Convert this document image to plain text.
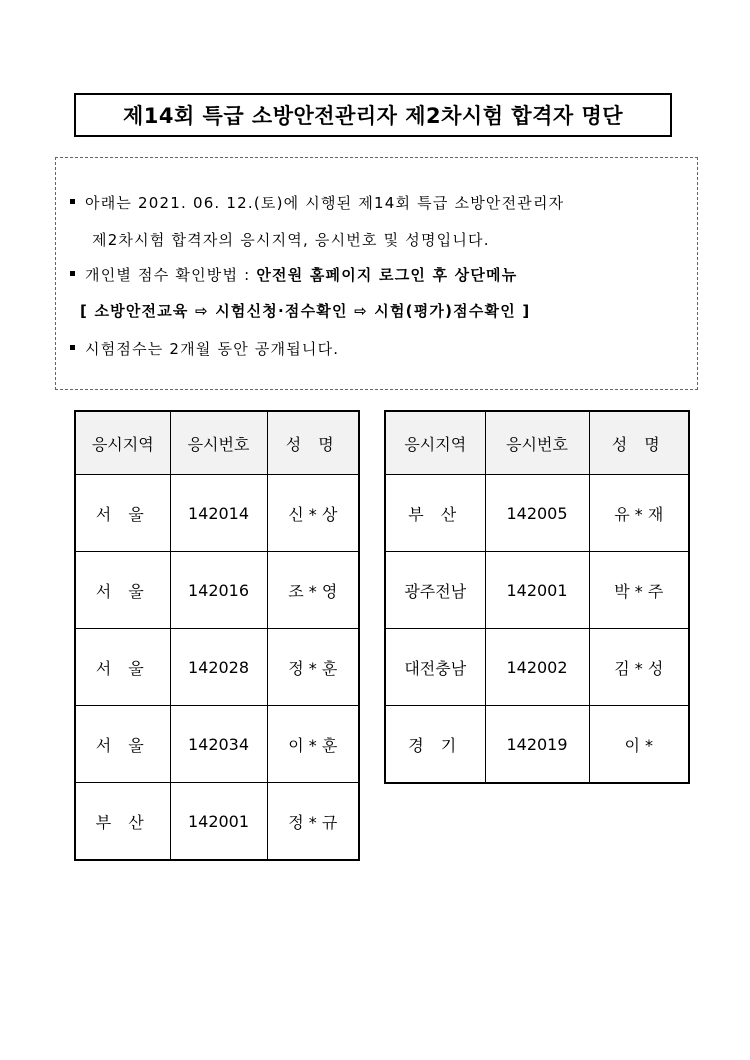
제14회 특급 소방안전관리자 제2차시험 합격자 명단
아래는 2021. 06. 12.(토)에 시행된 제14회 특급 소방안전관리자
제2차시험 합격자의 응시지역, 응시번호 및 성명입니다.
개인별 점수 확인방법 : 안전원 홈페이지 로그인 후 상단메뉴
[ 소방안전교육 ⇨ 시험신청·점수확인 ⇨ 시험(평가)점수확인 ]
시험점수는 2개월 동안 공개됩니다.
응시지역	응시번호	성 명
서 울	142014	신 * 상
서 울	142016	조 * 영
서 울	142028	정 * 훈
서 울	142034	이 * 훈
부 산	142001	정 * 규
응시지역	응시번호	성 명
부 산	142005	유 * 재
광주전남	142001	박 * 주
대전충남	142002	김 * 성
경 기	142019	이 *
